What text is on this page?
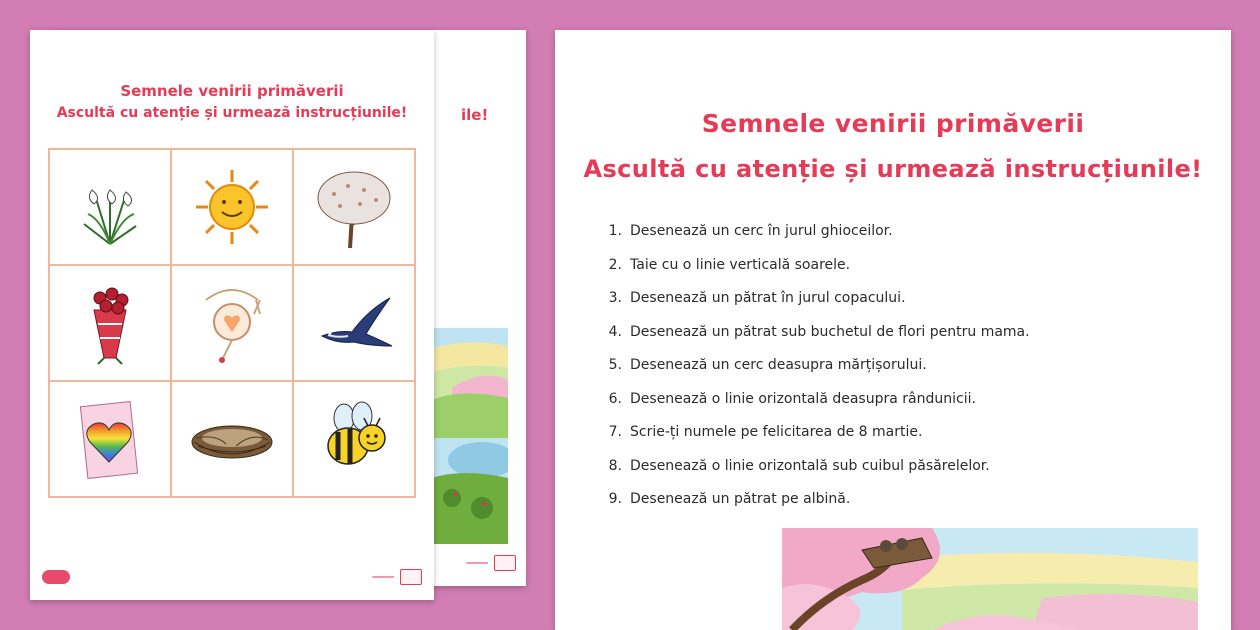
ile!
━━━━━━
Semnele venirii primăverii
Ascultă cu atenție și urmează instrucțiunile!
━━━━━━
Semnele venirii primăverii
Ascultă cu atenție și urmează instrucțiunile!
1. Desenează un cerc în jurul ghioceilor.
2. Taie cu o linie verticală soarele.
3. Desenează un pătrat în jurul copacului.
4. Desenează un pătrat sub buchetul de flori pentru mama.
5. Desenează un cerc deasupra mărțișorului.
6. Desenează o linie orizontală deasupra rândunicii.
7. Scrie-ți numele pe felicitarea de 8 martie.
8. Desenează o linie orizontală sub cuibul păsărelelor.
9. Desenează un pătrat pe albină.
